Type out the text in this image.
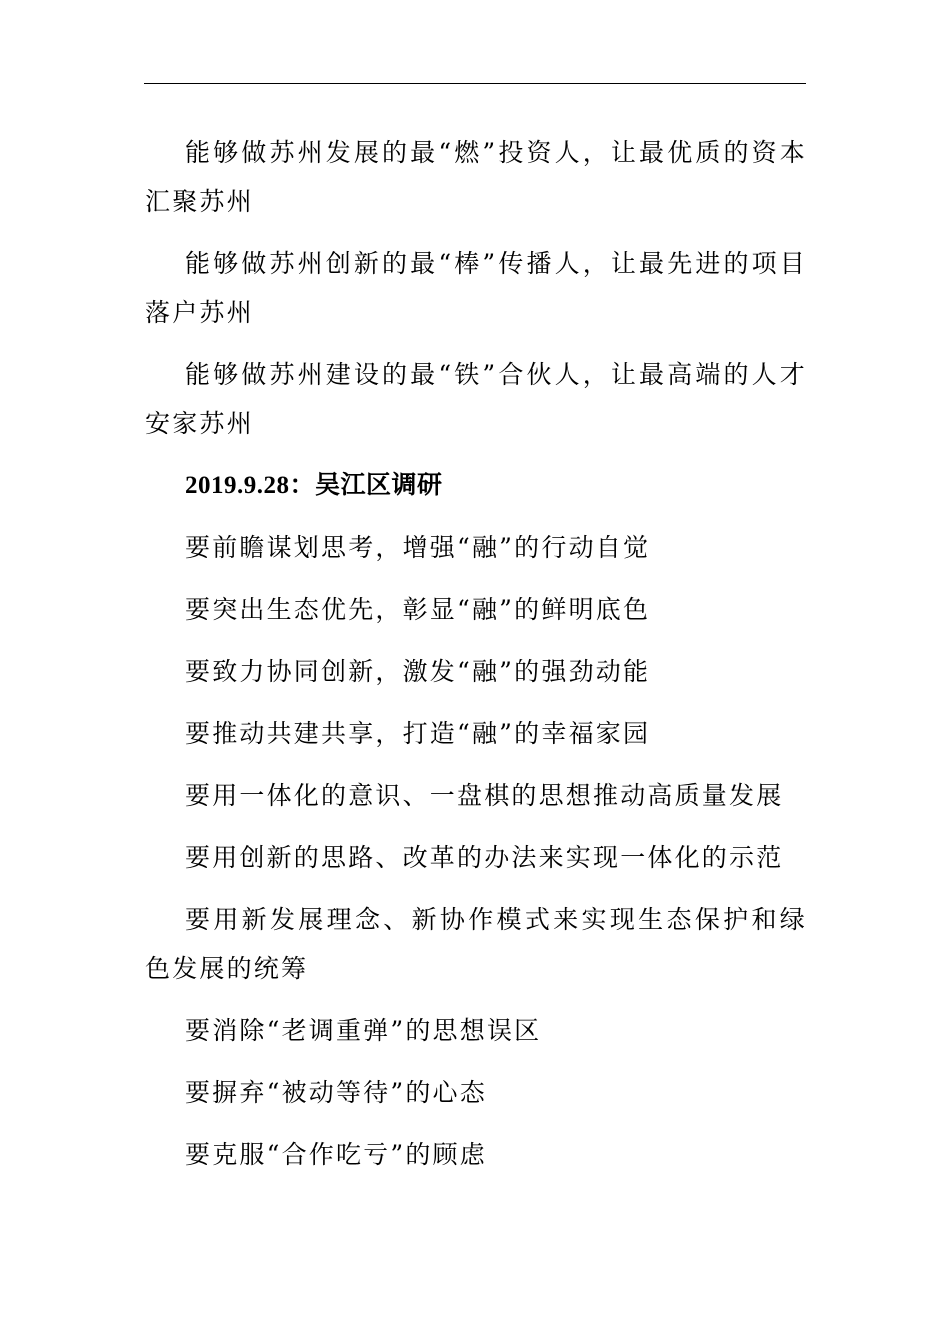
能够做苏州发展的最“燃”投资人，让最优质的资本汇聚苏州

能够做苏州创新的最“棒”传播人，让最先进的项目落户苏州

能够做苏州建设的最“铁”合伙人，让最高端的人才安家苏州

2019.9.28：吴江区调研

要前瞻谋划思考，增强“融”的行动自觉

要突出生态优先，彰显“融”的鲜明底色

要致力协同创新，激发“融”的强劲动能

要推动共建共享，打造“融”的幸福家园

要用一体化的意识、一盘棋的思想推动高质量发展

要用创新的思路、改革的办法来实现一体化的示范

要用新发展理念、新协作模式来实现生态保护和绿色发展的统筹

要消除“老调重弹”的思想误区

要摒弃“被动等待”的心态

要克服“合作吃亏”的顾虑
